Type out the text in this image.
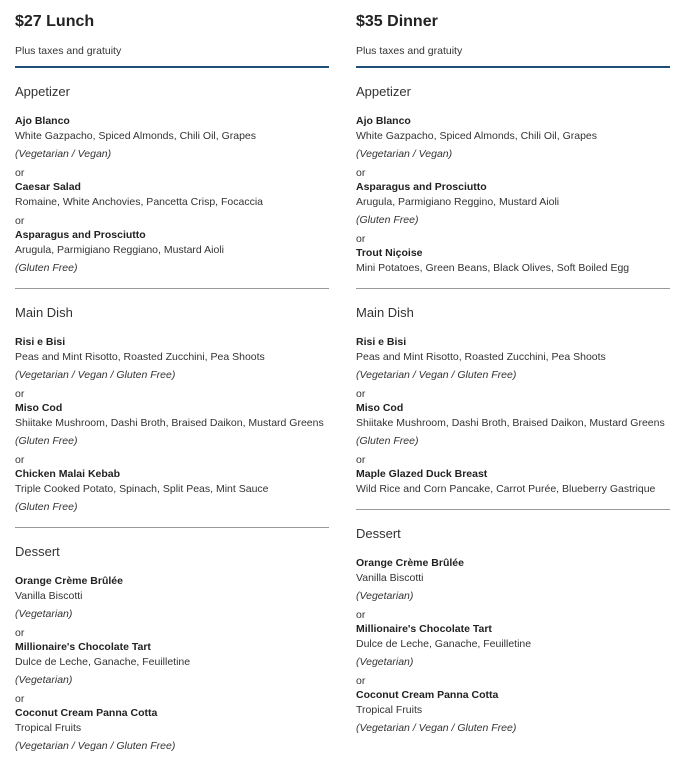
$27 Lunch
Plus taxes and gratuity
Appetizer
Ajo Blanco
White Gazpacho, Spiced Almonds, Chili Oil, Grapes
(Vegetarian / Vegan)
or
Caesar Salad
Romaine, White Anchovies, Pancetta Crisp, Focaccia
or
Asparagus and Prosciutto
Arugula, Parmigiano Reggiano, Mustard Aioli
(Gluten Free)
Main Dish
Risi e Bisi
Peas and Mint Risotto, Roasted Zucchini, Pea Shoots
(Vegetarian / Vegan / Gluten Free)
or
Miso Cod
Shiitake Mushroom, Dashi Broth, Braised Daikon, Mustard Greens
(Gluten Free)
or
Chicken Malai Kebab
Triple Cooked Potato, Spinach, Split Peas, Mint Sauce
(Gluten Free)
Dessert
Orange Crème Brûlée
Vanilla Biscotti
(Vegetarian)
or
Millionaire's Chocolate Tart
Dulce de Leche, Ganache, Feuilletine
(Vegetarian)
or
Coconut Cream Panna Cotta
Tropical Fruits
(Vegetarian / Vegan / Gluten Free)
$35 Dinner
Plus taxes and gratuity
Appetizer
Ajo Blanco
White Gazpacho, Spiced Almonds, Chili Oil, Grapes
(Vegetarian / Vegan)
or
Asparagus and Prosciutto
Arugula, Parmigiano Reggino, Mustard Aioli
(Gluten Free)
or
Trout Niçoise
Mini Potatoes, Green Beans, Black Olives, Soft Boiled Egg
Main Dish
Risi e Bisi
Peas and Mint Risotto, Roasted Zucchini, Pea Shoots
(Vegetarian / Vegan / Gluten Free)
or
Miso Cod
Shiitake Mushroom, Dashi Broth, Braised Daikon, Mustard Greens
(Gluten Free)
or
Maple Glazed Duck Breast
Wild Rice and Corn Pancake, Carrot Purée, Blueberry Gastrique
Dessert
Orange Crème Brûlée
Vanilla Biscotti
(Vegetarian)
or
Millionaire's Chocolate Tart
Dulce de Leche, Ganache, Feuilletine
(Vegetarian)
or
Coconut Cream Panna Cotta
Tropical Fruits
(Vegetarian / Vegan / Gluten Free)
